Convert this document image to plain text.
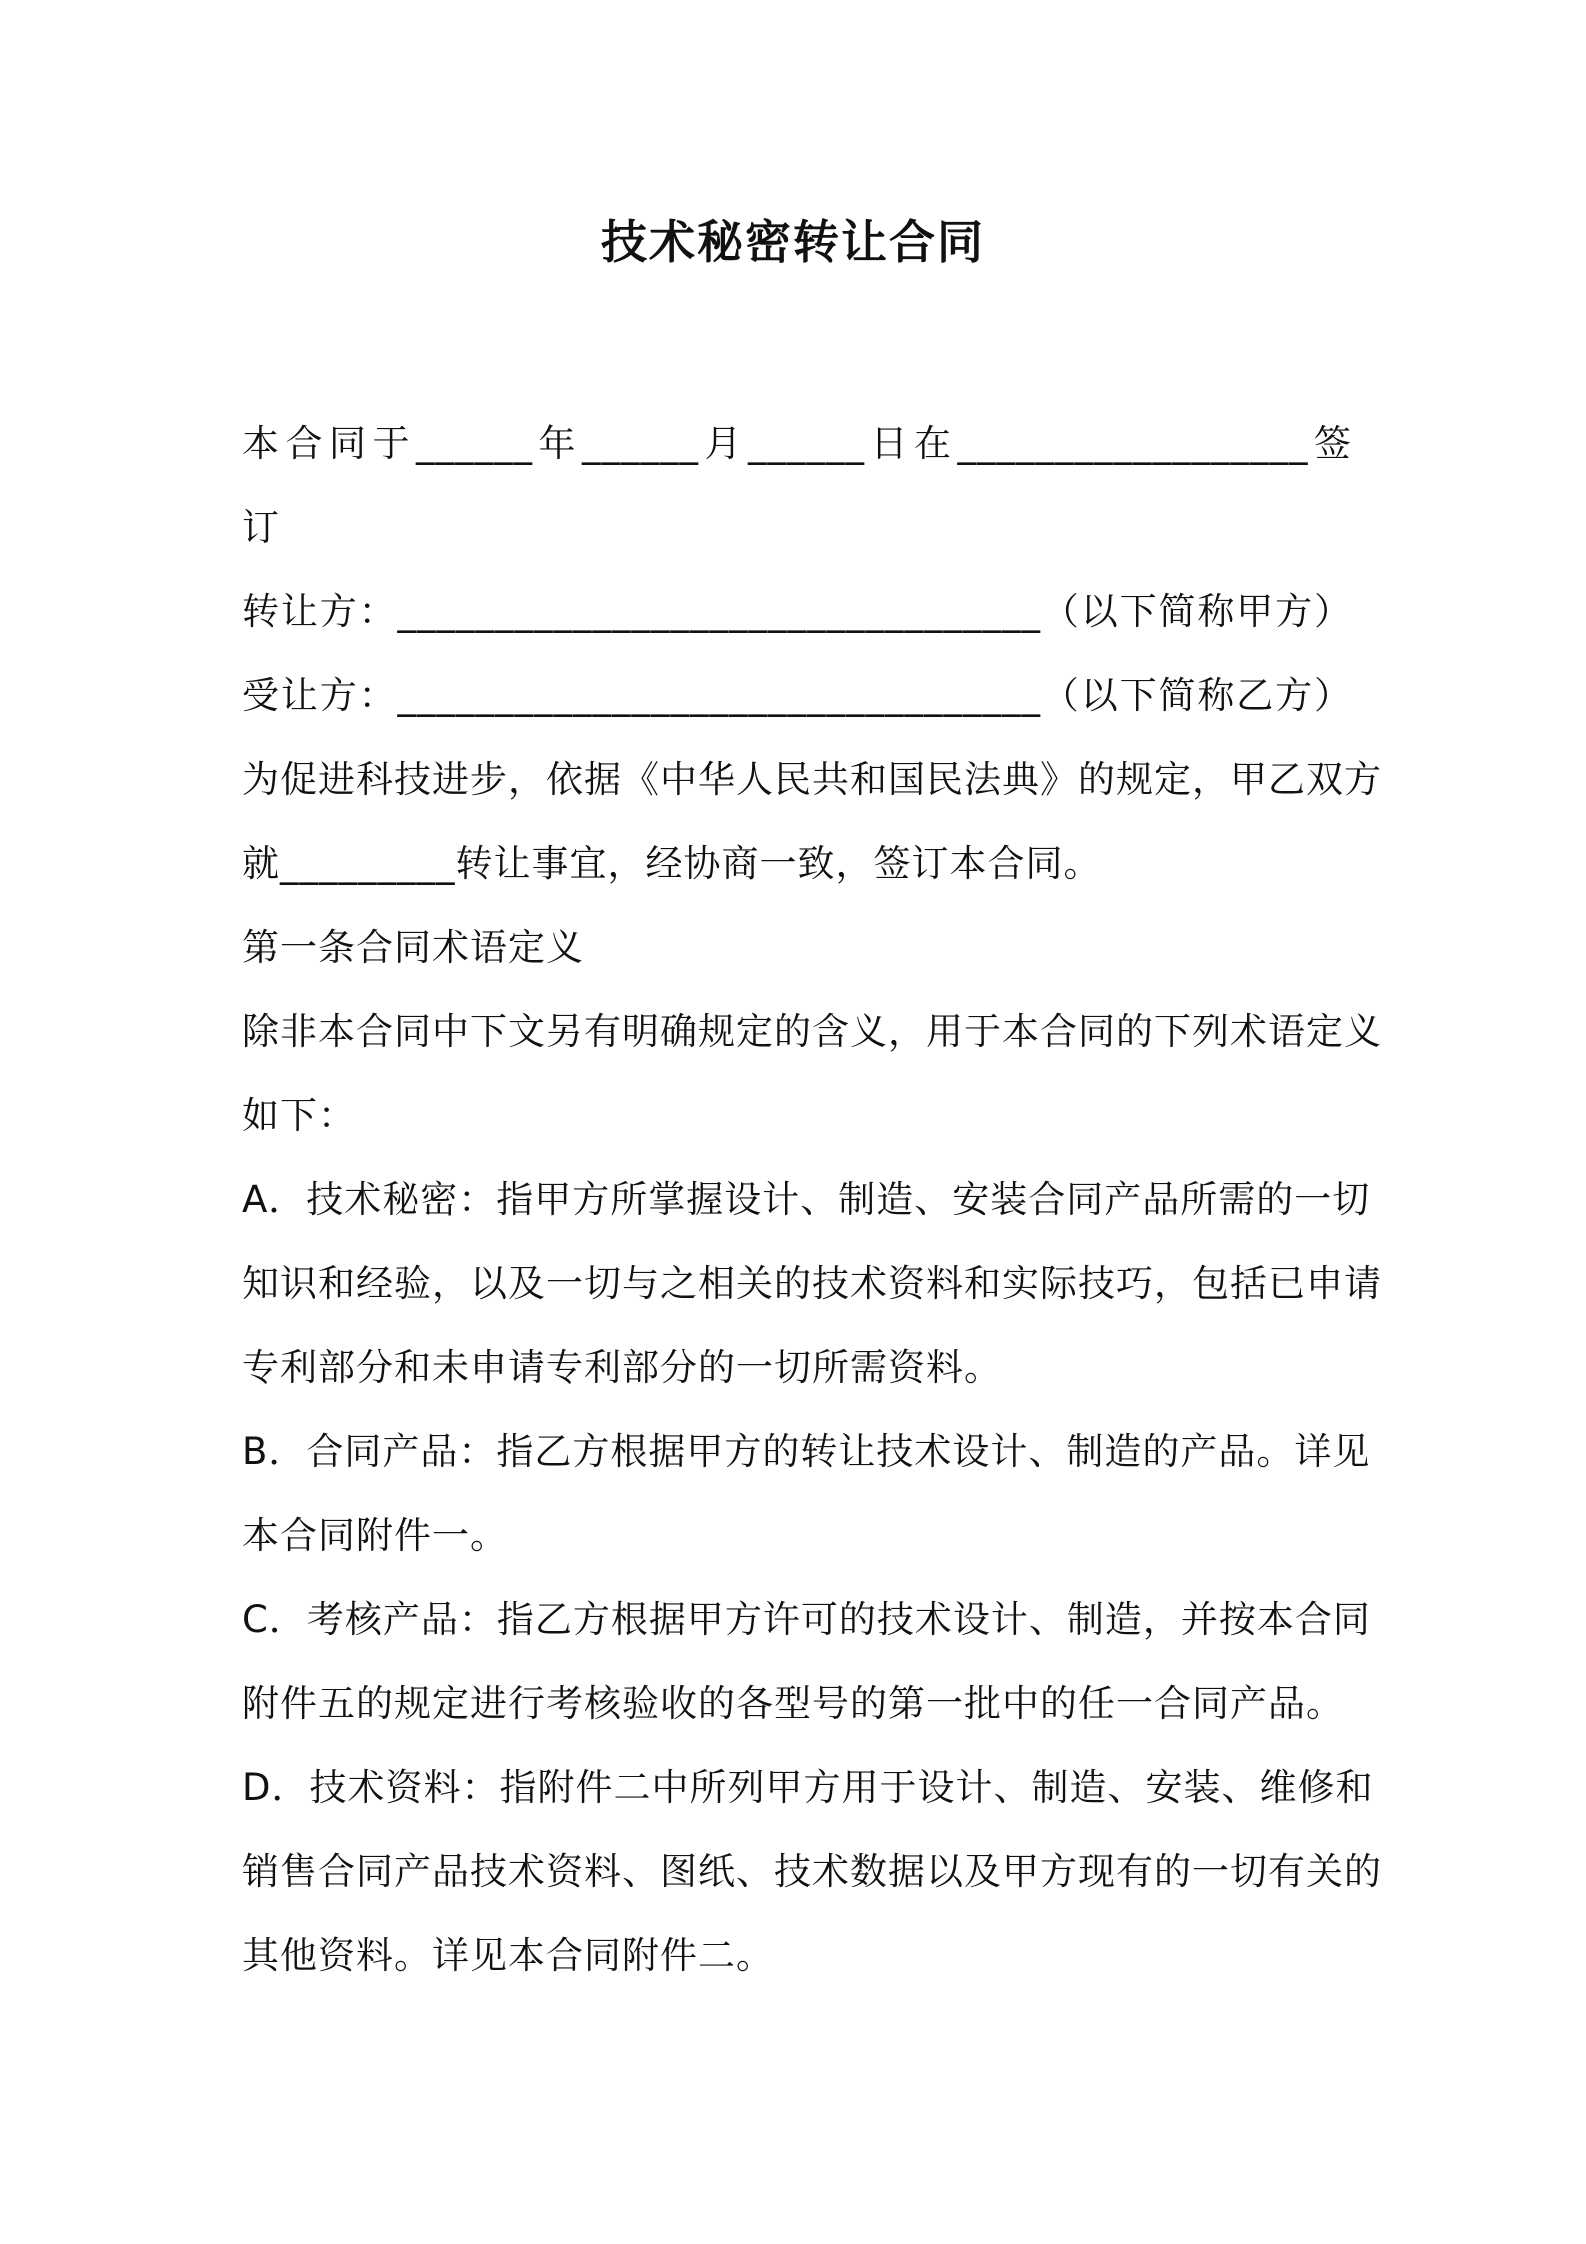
技术秘密转让合同
本合同于______年______月______日在__________________签
订
转让方：_________________________________（以下简称甲方）
受让方：_________________________________（以下简称乙方）
为促进科技进步，依据《中华人民共和国民法典》的规定，甲乙双方
就_________转让事宜，经协商一致，签订本合同。
第一条合同术语定义
除非本合同中下文另有明确规定的含义，用于本合同的下列术语定义
如下：
A．技术秘密：指甲方所掌握设计、制造、安装合同产品所需的一切
知识和经验，以及一切与之相关的技术资料和实际技巧，包括已申请
专利部分和未申请专利部分的一切所需资料。
B．合同产品：指乙方根据甲方的转让技术设计、制造的产品。详见
本合同附件一。
C．考核产品：指乙方根据甲方许可的技术设计、制造，并按本合同
附件五的规定进行考核验收的各型号的第一批中的任一合同产品。
D．技术资料：指附件二中所列甲方用于设计、制造、安装、维修和
销售合同产品技术资料、图纸、技术数据以及甲方现有的一切有关的
其他资料。详见本合同附件二。
